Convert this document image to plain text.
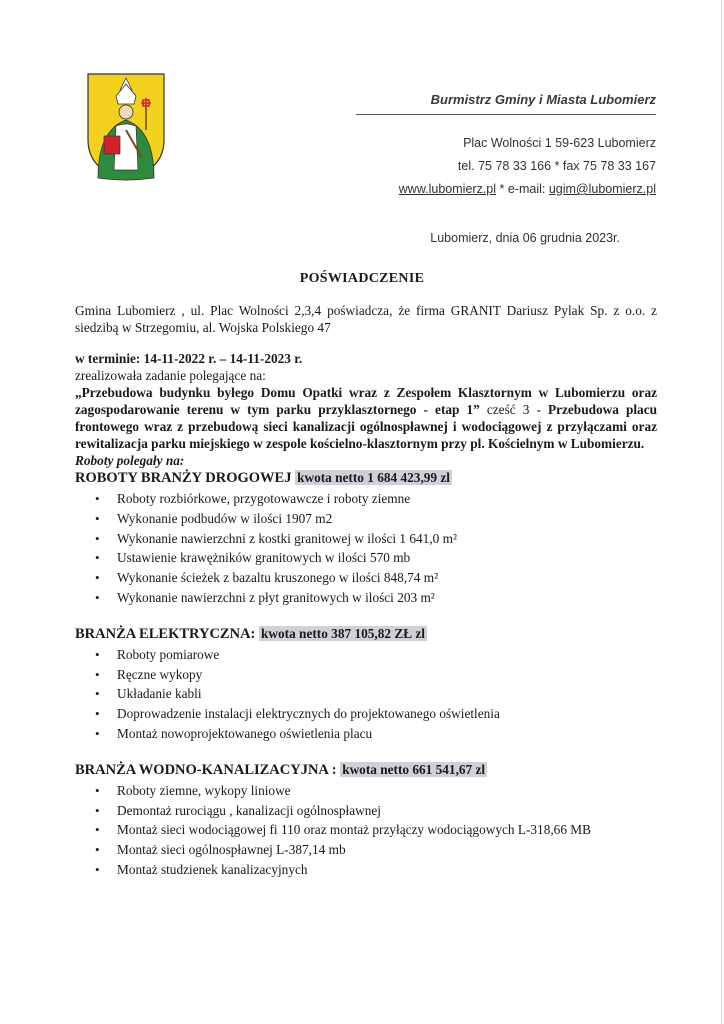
Burmistrz Gminy i Miasta Lubomierz
Plac Wolności 1 59-623 Lubomierz
tel. 75 78 33 166 * fax 75 78 33 167
www.lubomierz.pl * e-mail: ugim@lubomierz.pl
Lubomierz, dnia 06 grudnia 2023r.
POŚWIADCZENIE
Gmina Lubomierz , ul. Plac Wolności 2,3,4 poświadcza, że firma GRANIT Dariusz Pylak Sp. z o.o. z siedzibą w Strzegomiu, al. Wojska Polskiego 47
w terminie: 14-11-2022 r. – 14-11-2023 r.
zrealizowała zadanie polegające na:
„Przebudowa budynku byłego Domu Opatki wraz z Zespołem Klasztornym w Lubomierzu oraz zagospodarowanie terenu w tym parku przyklasztornego - etap 1” cześć 3 - Przebudowa placu frontowego wraz z przebudową sieci kanalizacji ogólnospławnej i wodociągowej z przyłączami oraz rewitalizacja parku miejskiego w zespole kościelno-klasztornym przy pl. Kościelnym w Lubomierzu.
Roboty polegały na:
ROBOTY BRANŻY DROGOWEJ kwota netto 1 684 423,99 zl
• Roboty rozbiórkowe, przygotowawcze i roboty ziemne
• Wykonanie podbudów w ilości 1907 m2
• Wykonanie nawierzchni z kostki granitowej w ilości 1 641,0 m²
• Ustawienie krawężników granitowych w ilości 570 mb
• Wykonanie ścieżek z bazaltu kruszonego w ilości 848,74 m²
• Wykonanie nawierzchni z płyt granitowych w ilości 203 m²
BRANŻA ELEKTRYCZNA: kwota netto 387 105,82 ZŁ zl
• Roboty pomiarowe
• Ręczne wykopy
• Układanie kabli
• Doprowadzenie instalacji elektrycznych do projektowanego oświetlenia
• Montaż nowoprojektowanego oświetlenia placu
BRANŻA WODNO-KANALIZACYJNA : kwota netto 661 541,67 zl
• Roboty ziemne, wykopy liniowe
• Demontaż rurociągu , kanalizacji ogólnospławnej
• Montaż sieci wodociągowej fi 110 oraz montaż przyłączy wodociągowych L-318,66 MB
• Montaż sieci ogólnospławnej L-387,14 mb
• Montaż studzienek kanalizacyjnych
